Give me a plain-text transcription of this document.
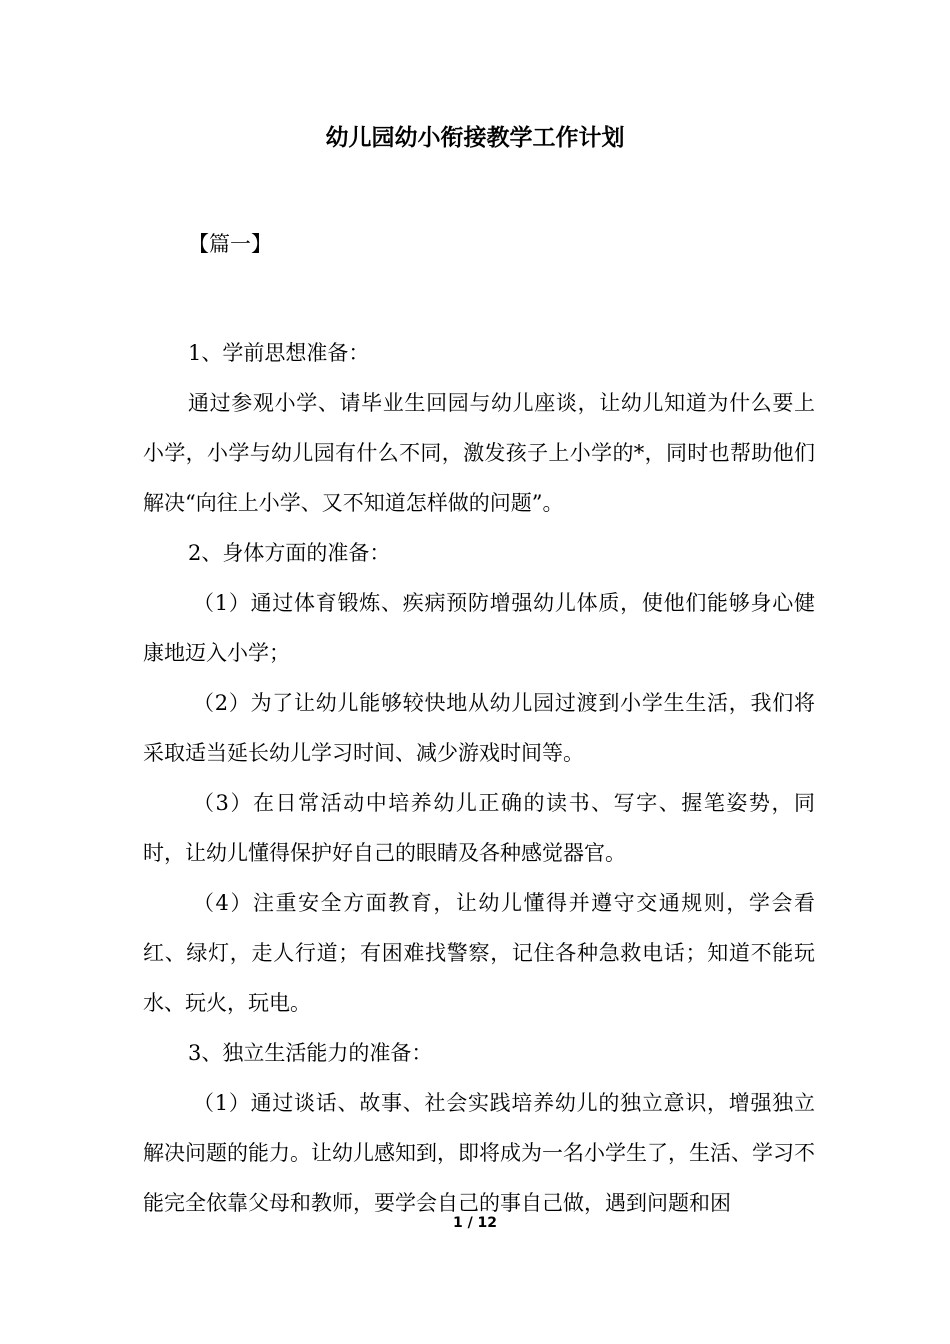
幼儿园幼小衔接教学工作计划
【篇一】

1、学前思想准备：

通过参观小学、请毕业生回园与幼儿座谈，让幼儿知道为什么要上小学，小学与幼儿园有什么不同，激发孩子上小学的*，同时也帮助他们解决“向往上小学、又不知道怎样做的问题”。

2、身体方面的准备：

（1）通过体育锻炼、疾病预防增强幼儿体质，使他们能够身心健康地迈入小学；

（2）为了让幼儿能够较快地从幼儿园过渡到小学生生活，我们将采取适当延长幼儿学习时间、减少游戏时间等。

（3）在日常活动中培养幼儿正确的读书、写字、握笔姿势，同时，让幼儿懂得保护好自己的眼睛及各种感觉器官。

（4）注重安全方面教育，让幼儿懂得并遵守交通规则，学会看红、绿灯，走人行道；有困难找警察，记住各种急救电话；知道不能玩水、玩火，玩电。

3、独立生活能力的准备：

（1）通过谈话、故事、社会实践培养幼儿的独立意识，增强独立解决问题的能力。让幼儿感知到，即将成为一名小学生了，生活、学习不能完全依靠父母和教师，要学会自己的事自己做，遇到问题和困

1 / 12
